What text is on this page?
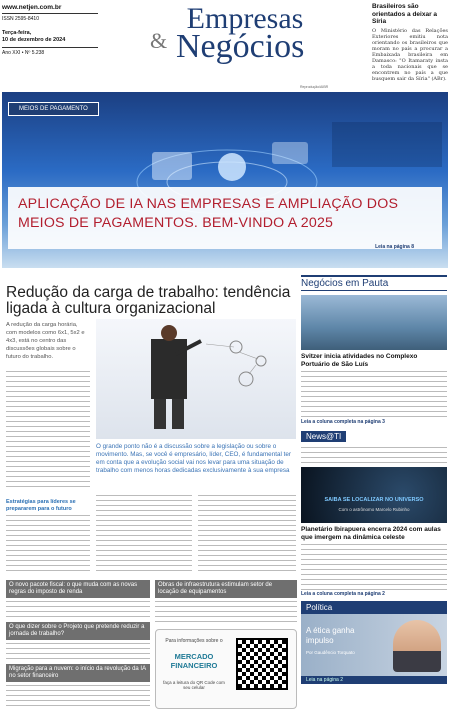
www.netjen.com.br
ISSN 2595-8410
Terça-feira,
10 de dezembro de 2024
Ano XXI • Nº 5.238
Empresas
& Negócios
Reprodução/AIBR
Brasileiros são orientados a deixar a Síria
O Ministério das Relações Exteriores emitiu nota orientando os brasileiros que moram no país a procurar a Embaixada brasileira em Damasco: "O Itamaraty insta a toda nacionais que se encontrem no país a que busquem sair da Síria" (ABr).
MEIOS DE PAGAMENTO
APLICAÇÃO DE IA NAS EMPRESAS E AMPLIAÇÃO DOS MEIOS DE PAGAMENTOS. BEM-VINDO A 2025
Leia na página 8
Redução da carga de trabalho: tendência ligada à cultura organizacional
A redução da carga horária, com modelos como 6x1, 5x2 e 4x3, está no centro das discussões globais sobre o futuro do trabalho.
Estratégias para líderes se prepararem para o futuro
O grande ponto não é a discussão sobre a legislação ou sobre o movimento. Mas, se você é empresário, líder, CEO, é fundamental ter em conta que a evolução social vai nos levar para uma situação de trabalho com menos horas dedicadas exclusivamente à sua empresa
O novo pacote fiscal: o que muda com as novas regras do imposto de renda
O que dizer sobre o Projeto que pretende reduzir a jornada de trabalho?
Migração para a nuvem: o início da revolução da IA no setor financeiro
Obras de infraestrutura estimulam setor de locação de equipamentos
Para informações sobre o
MERCADO FINANCEIRO
faça a leitura do QR Code com seu celular
Negócios em Pauta
Svitzer inicia atividades no Complexo Portuário de São Luís
Leia a coluna completa na página 3
News@TI
SAIBA SE LOCALIZAR NO UNIVERSO
Com o astrônomo Marcelo Rubinho
Planetário Ibirapuera encerra 2024 com aulas que imergem na dinâmica celeste
Leia a coluna completa na página 2
Política
A ética ganha impulso
Por Gaudêncio Torquato
Leia na página 2
